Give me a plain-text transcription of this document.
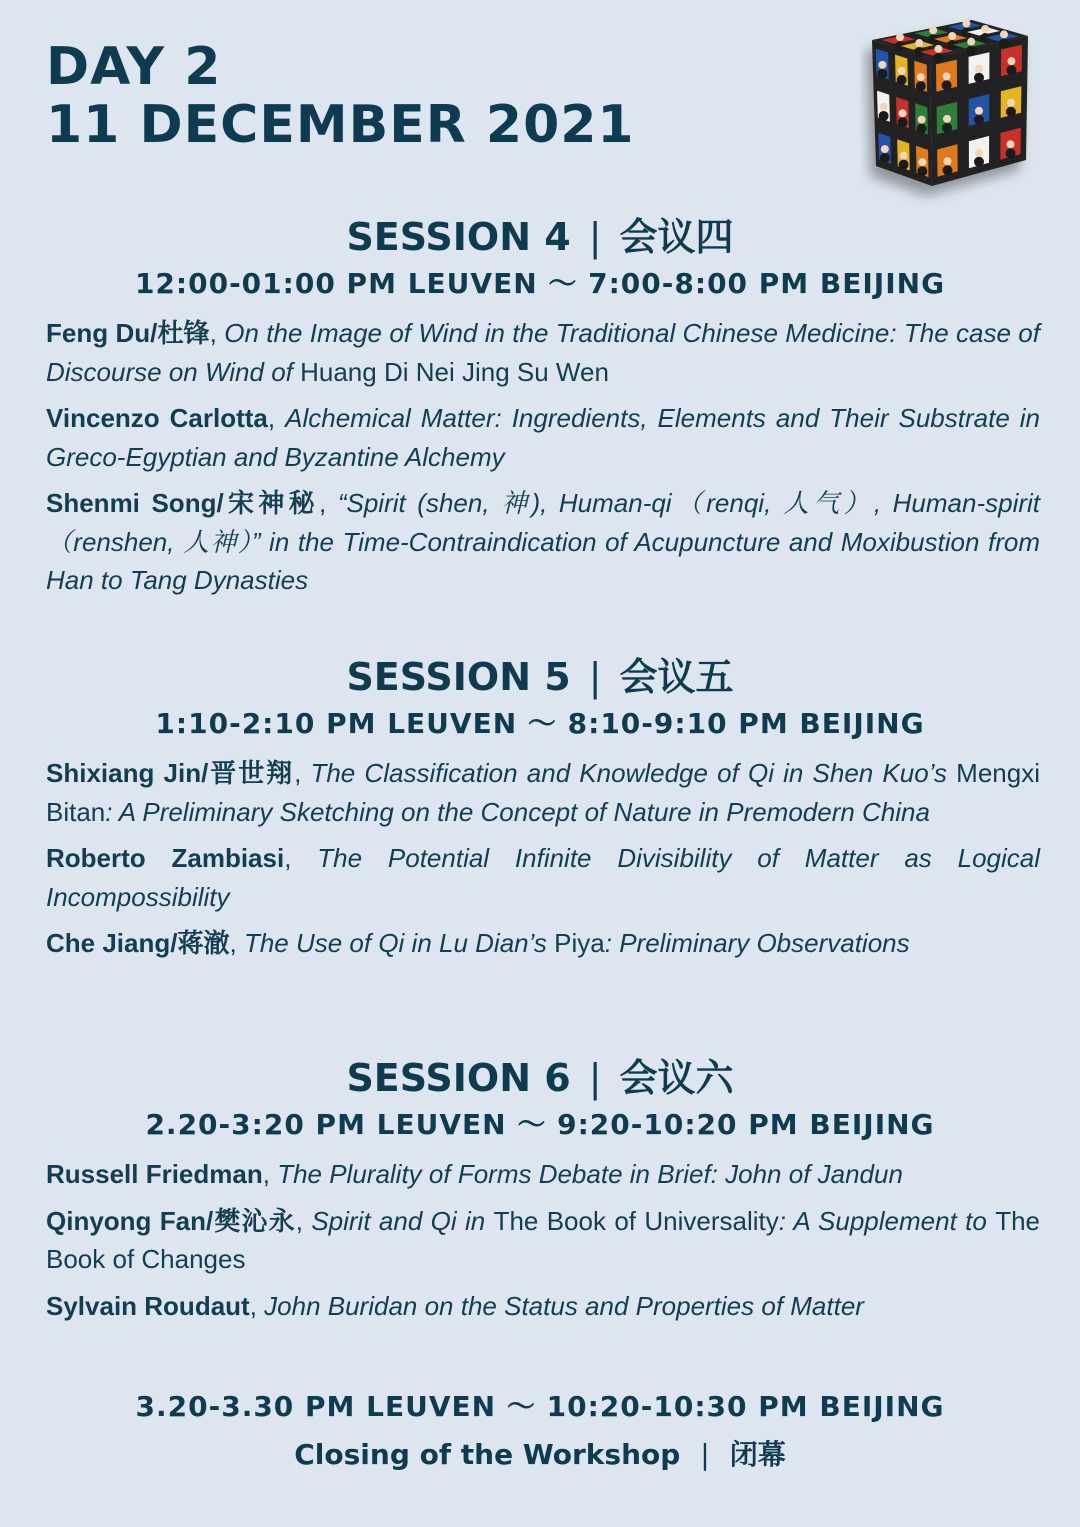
DAY 2
11 DECEMBER 2021
SESSION 4 | 会议四
12:00-01:00 PM LEUVEN ～ 7:00-8:00 PM BEIJING
Feng Du/杜锋, On the Image of Wind in the Traditional Chinese Medicine: The case of Discourse on Wind of Huang Di Nei Jing Su Wen
Vincenzo Carlotta, Alchemical Matter: Ingredients, Elements and Their Substrate in Greco-Egyptian and Byzantine Alchemy
Shenmi Song/宋神秘, “Spirit (shen, 神), Human-qi（renqi, 人气）, Human-spirit（renshen, 人神）” in the Time-Contraindication of Acupuncture and Moxibustion from Han to Tang Dynasties
SESSION 5 | 会议五
1:10-2:10 PM LEUVEN ～ 8:10-9:10 PM BEIJING
Shixiang Jin/晋世翔, The Classification and Knowledge of Qi in Shen Kuo’s Mengxi Bitan: A Preliminary Sketching on the Concept of Nature in Premodern China
Roberto Zambiasi, The Potential Infinite Divisibility of Matter as Logical Incompossibility
Che Jiang/蒋澈, The Use of Qi in Lu Dian’s Piya: Preliminary Observations
SESSION 6 | 会议六
2.20-3:20 PM LEUVEN ～ 9:20-10:20 PM BEIJING
Russell Friedman, The Plurality of Forms Debate in Brief: John of Jandun
Qinyong Fan/樊沁永, Spirit and Qi in The Book of Universality: A Supplement to The Book of Changes
Sylvain Roudaut, John Buridan on the Status and Properties of Matter
3.20-3.30 PM LEUVEN ～ 10:20-10:30 PM BEIJING
Closing of the Workshop | 闭幕
